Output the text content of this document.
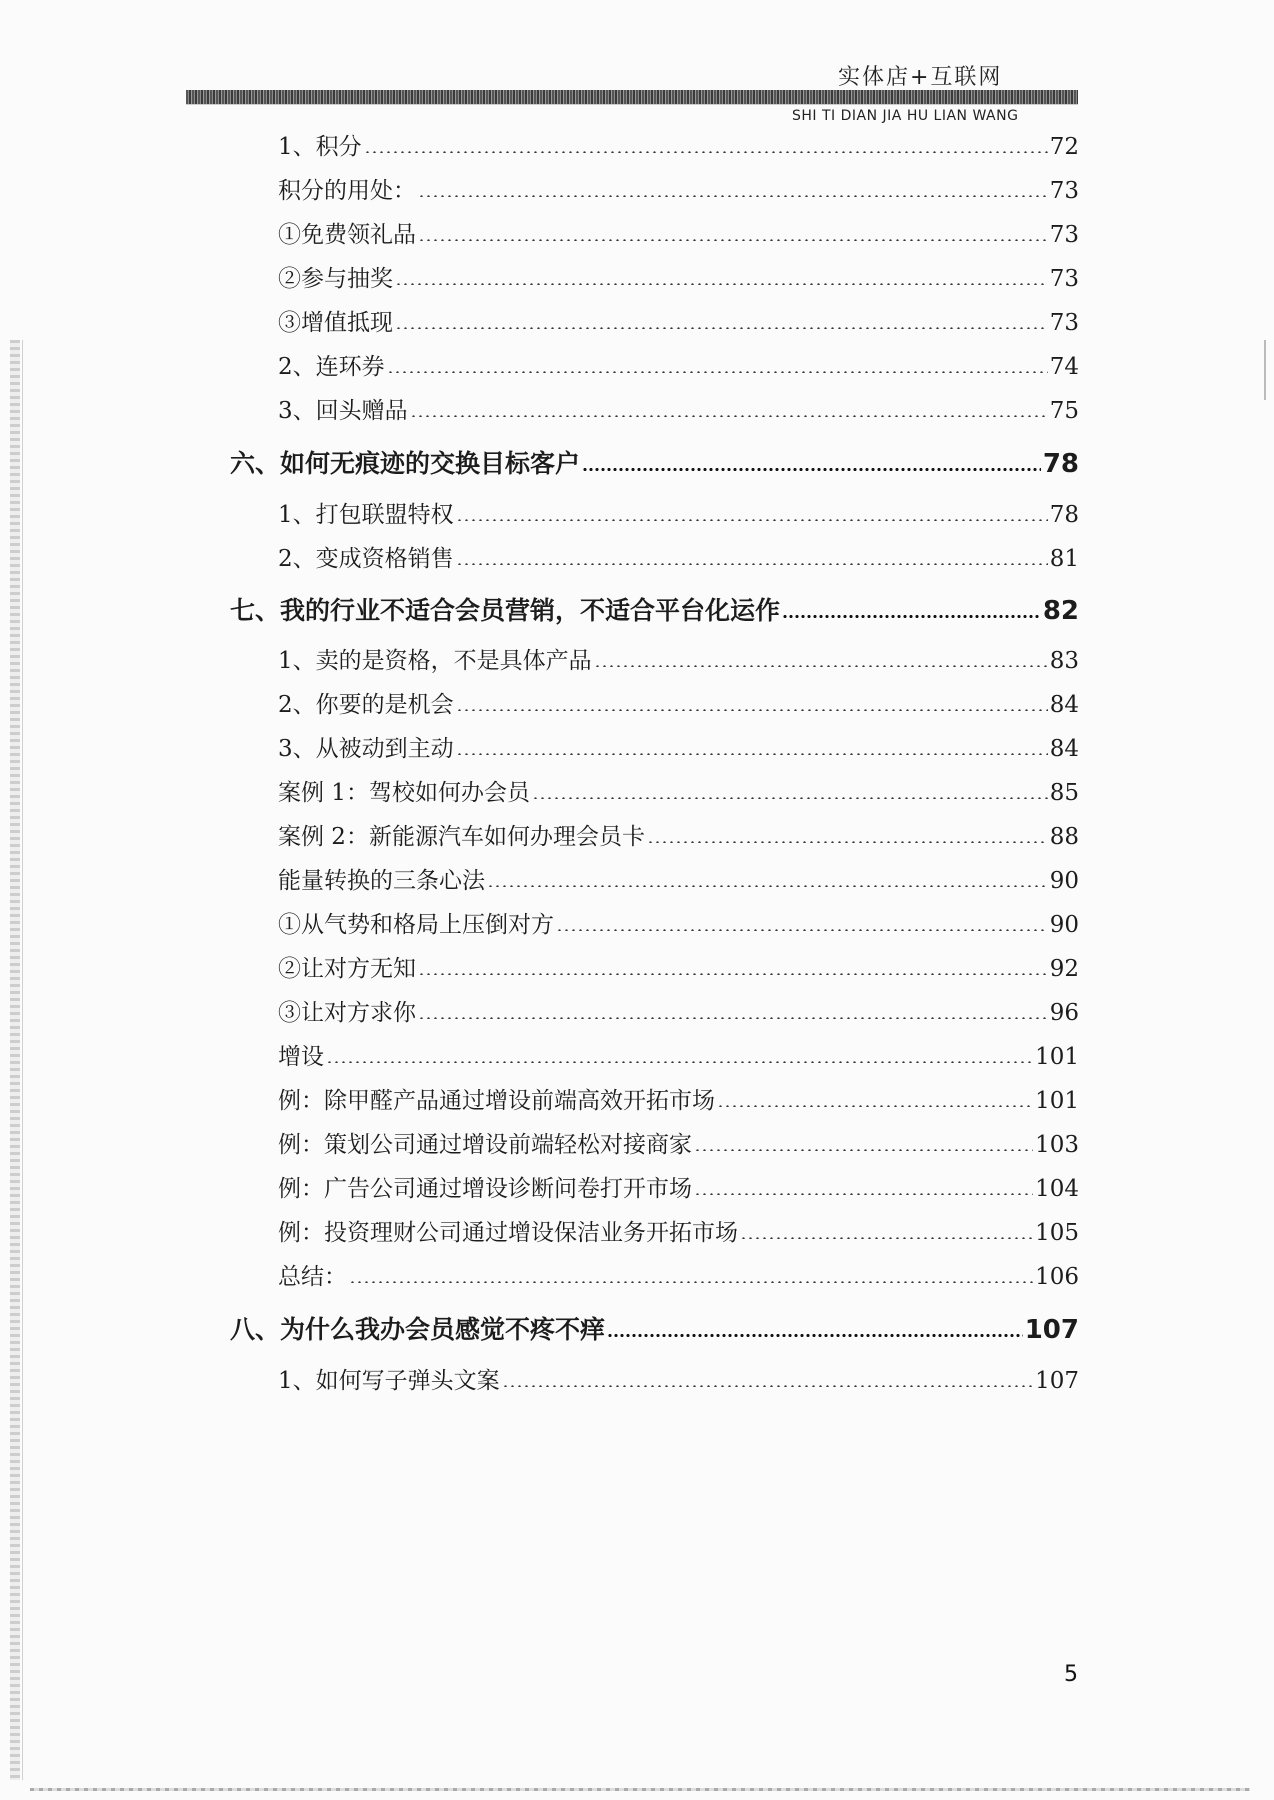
实体店+互联网
SHI TI DIAN JIA HU LIAN WANG
1、积分	72
积分的用处：	73
①免费领礼品	73
②参与抽奖	73
③增值抵现	73
2、连环券	74
3、回头赠品	75
六、如何无痕迹的交换目标客户	78
1、打包联盟特权	78
2、变成资格销售	81
七、我的行业不适合会员营销，不适合平台化运作	82
1、卖的是资格，不是具体产品	83
2、你要的是机会	84
3、从被动到主动	84
案例 1：驾校如何办会员	85
案例 2：新能源汽车如何办理会员卡	88
能量转换的三条心法	90
①从气势和格局上压倒对方	90
②让对方无知	92
③让对方求你	96
增设	101
例：除甲醛产品通过增设前端高效开拓市场	101
例：策划公司通过增设前端轻松对接商家	103
例：广告公司通过增设诊断问卷打开市场	104
例：投资理财公司通过增设保洁业务开拓市场	105
总结：	106
八、为什么我办会员感觉不疼不痒	107
1、如何写子弹头文案	107
5
